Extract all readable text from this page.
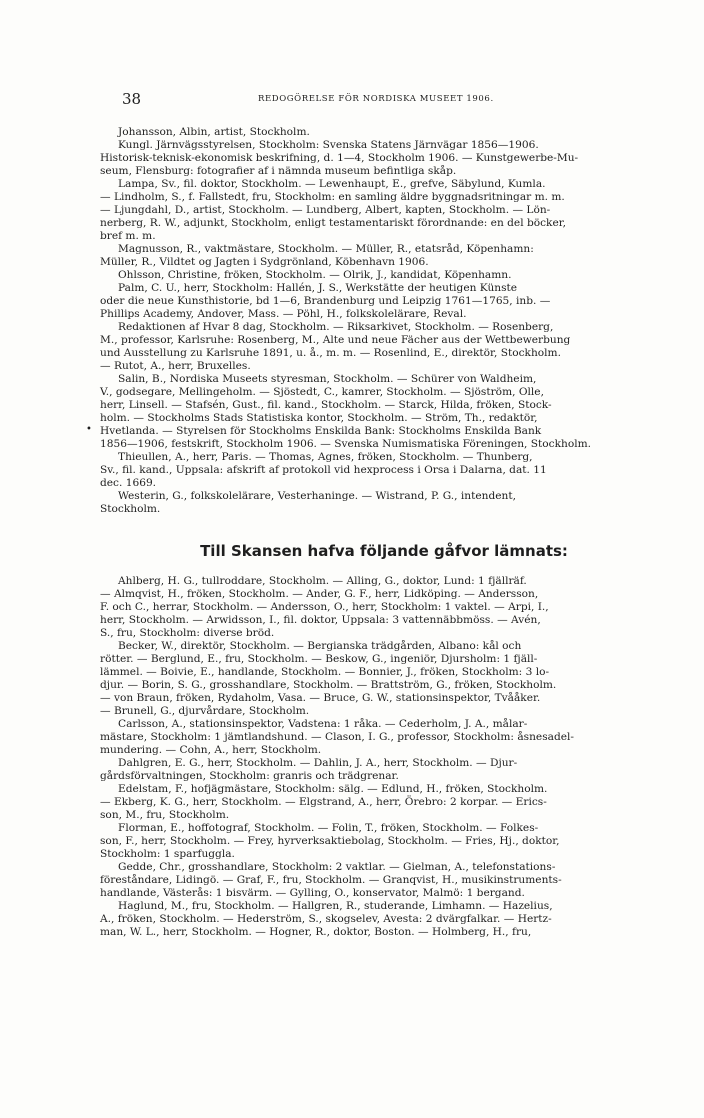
38	REDOGÖRELSE FÖR NORDISKA MUSEET 1906.
•

Johansson, Albin, artist, Stockholm.

Kungl. Järnvägsstyrelsen, Stockholm: Svenska Statens Järnvägar 1856—1906.

Historisk-teknisk-ekonomisk beskrifning, d. 1—4, Stockholm 1906. — Kunstgewerbe-Mu-

seum, Flensburg: fotografier af i nämnda museum befintliga skåp.

Lampa, Sv., fil. doktor, Stockholm. — Lewenhaupt, E., grefve, Säbylund, Kumla.

— Lindholm, S., f. Fallstedt, fru, Stockholm: en samling äldre byggnadsritningar m. m.

— Ljungdahl, D., artist, Stockholm. — Lundberg, Albert, kapten, Stockholm. — Lön-

nerberg, R. W., adjunkt, Stockholm, enligt testamentariskt förordnande: en del böcker,

bref m. m.

Magnusson, R., vaktmästare, Stockholm. — Müller, R., etatsråd, Köpenhamn:

Müller, R., Vildtet og Jagten i Sydgrönland, Köbenhavn 1906.

Ohlsson, Christine, fröken, Stockholm. — Olrik, J., kandidat, Köpenhamn.

Palm, C. U., herr, Stockholm: Hallén, J. S., Werkstätte der heutigen Künste

oder die neue Kunsthistorie, bd 1—6, Brandenburg und Leipzig 1761—1765, inb. —

Phillips Academy, Andover, Mass. — Pöhl, H., folkskolelärare, Reval.

Redaktionen af Hvar 8 dag, Stockholm. — Riksarkivet, Stockholm. — Rosenberg,

M., professor, Karlsruhe: Rosenberg, M., Alte und neue Fächer aus der Wettbewerbung

und Ausstellung zu Karlsruhe 1891, u. å., m. m. — Rosenlind, E., direktör, Stockholm.

— Rutot, A., herr, Bruxelles.

Salin, B., Nordiska Museets styresman, Stockholm. — Schürer von Waldheim,

V., godsegare, Mellingeholm. — Sjöstedt, C., kamrer, Stockholm. — Sjöström, Olle,

herr, Linsell. — Stafsén, Gust., fil. kand., Stockholm. — Starck, Hilda, fröken, Stock-

holm. — Stockholms Stads Statistiska kontor, Stockholm. — Ström, Th., redaktör,

Hvetlanda. — Styrelsen för Stockholms Enskilda Bank: Stockholms Enskilda Bank

1856—1906, festskrift, Stockholm 1906. — Svenska Numismatiska Föreningen, Stockholm.

Thieullen, A., herr, Paris. — Thomas, Agnes, fröken, Stockholm. — Thunberg,

Sv., fil. kand., Uppsala: afskrift af protokoll vid hexprocess i Orsa i Dalarna, dat. 11

dec. 1669.

Westerin, G., folkskolelärare, Vesterhaninge. — Wistrand, P. G., intendent,

Stockholm.

Till Skansen hafva följande gåfvor lämnats:

Ahlberg, H. G., tullroddare, Stockholm. — Alling, G., doktor, Lund: 1 fjällräf.

— Almqvist, H., fröken, Stockholm. — Ander, G. F., herr, Lidköping. — Andersson,

F. och C., herrar, Stockholm. — Andersson, O., herr, Stockholm: 1 vaktel. — Arpi, I.,

herr, Stockholm. — Arwidsson, I., fil. doktor, Uppsala: 3 vattennäbbmöss. — Avén,

S., fru, Stockholm: diverse bröd.

Becker, W., direktör, Stockholm. — Bergianska trädgården, Albano: kål och

rötter. — Berglund, E., fru, Stockholm. — Beskow, G., ingeniör, Djursholm: 1 fjäll-

lämmel. — Boivie, E., handlande, Stockholm. — Bonnier, J., fröken, Stockholm: 3 lo-

djur. — Borin, S. G., grosshandlare, Stockholm. — Brattström, G., fröken, Stockholm.

— von Braun, fröken, Rydaholm, Vasa. — Bruce, G. W., stationsinspektor, Tvååker.

— Brunell, G., djurvårdare, Stockholm.

Carlsson, A., stationsinspektor, Vadstena: 1 råka. — Cederholm, J. A., målar-

mästare, Stockholm: 1 jämtlandshund. — Clason, I. G., professor, Stockholm: åsnesadel-

mundering. — Cohn, A., herr, Stockholm.

Dahlgren, E. G., herr, Stockholm. — Dahlin, J. A., herr, Stockholm. — Djur-

gårdsförvaltningen, Stockholm: granris och trädgrenar.

Edelstam, F., hofjägmästare, Stockholm: sälg. — Edlund, H., fröken, Stockholm.

— Ekberg, K. G., herr, Stockholm. — Elgstrand, A., herr, Örebro: 2 korpar. — Erics-

son, M., fru, Stockholm.

Florman, E., hoffotograf, Stockholm. — Folin, T., fröken, Stockholm. — Folkes-

son, F., herr, Stockholm. — Frey, hyrverksaktiebolag, Stockholm. — Fries, Hj., doktor,

Stockholm: 1 sparfuggla.

Gedde, Chr., grosshandlare, Stockholm: 2 vaktlar. — Gielman, A., telefonstations-

föreståndare, Lidingö. — Graf, F., fru, Stockholm. — Granqvist, H., musikinstruments-

handlande, Västerås: 1 bisvärm. — Gylling, O., konservator, Malmö: 1 bergand.

Haglund, M., fru, Stockholm. — Hallgren, R., studerande, Limhamn. — Hazelius,

A., fröken, Stockholm. — Hederström, S., skogselev, Avesta: 2 dvärgfalkar. — Hertz-

man, W. L., herr, Stockholm. — Hogner, R., doktor, Boston. — Holmberg, H., fru,
